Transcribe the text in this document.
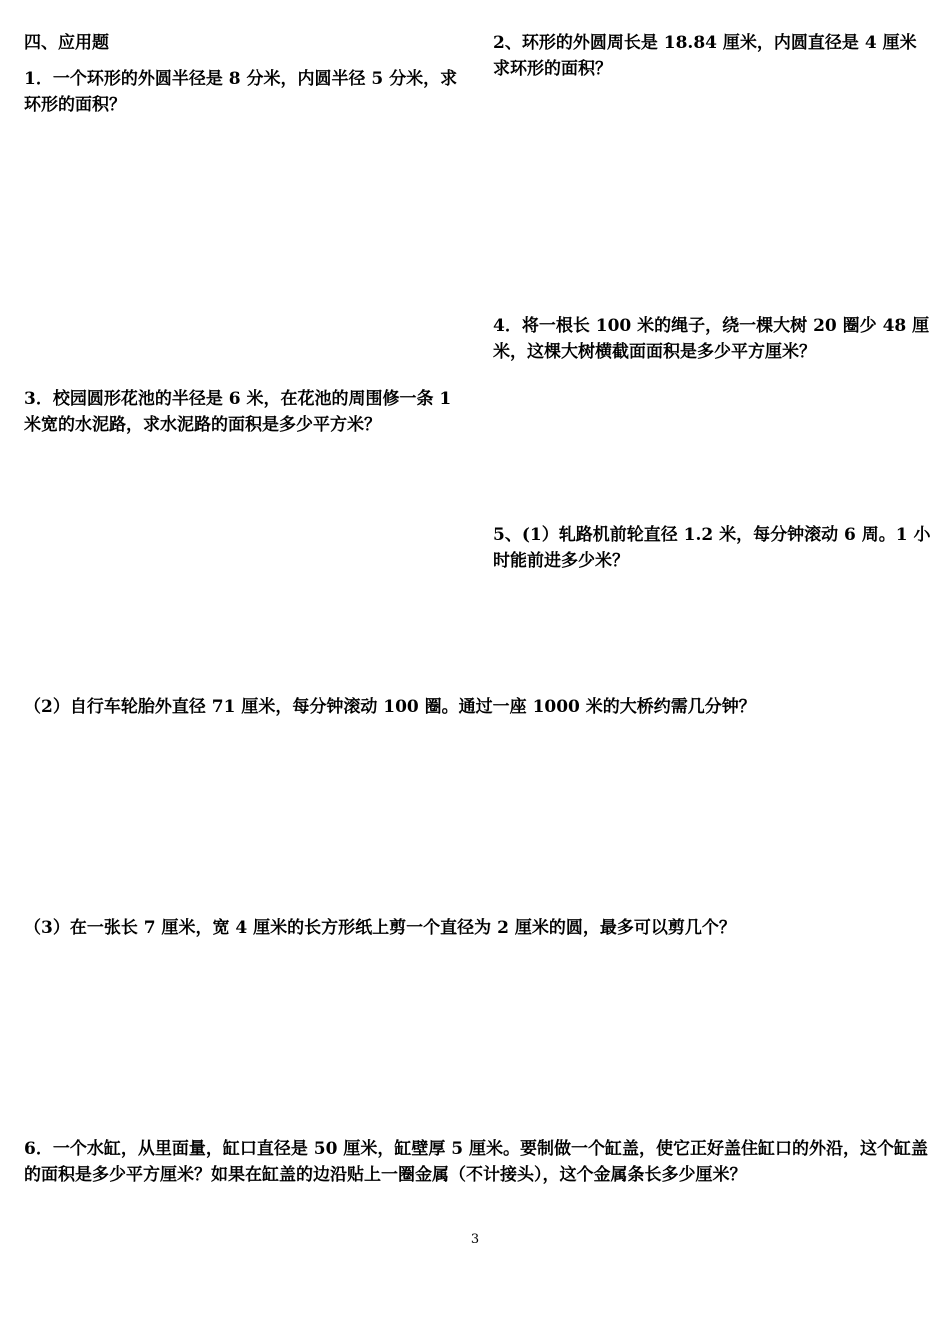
四、应用题

1．一个环形的外圆半径是 8 分米，内圆半径 5 分米，求环形的面积？

2、环形的外圆周长是 18.84 厘米，内圆直径是 4 厘米求环形的面积？

4．将一根长 100 米的绳子，绕一棵大树 20 圈少 48 厘米，这棵大树横截面面积是多少平方厘米？

3．校园圆形花池的半径是 6 米，在花池的周围修一条 1 米宽的水泥路，求水泥路的面积是多少平方米？

5、(1）轧路机前轮直径 1.2 米，每分钟滚动 6 周。1 小时能前进多少米？

（2）自行车轮胎外直径 71 厘米，每分钟滚动 100 圈。通过一座 1000 米的大桥约需几分钟？

（3）在一张长 7 厘米，宽 4 厘米的长方形纸上剪一个直径为 2 厘米的圆，最多可以剪几个？

6．一个水缸，从里面量，缸口直径是 50 厘米，缸壁厚 5 厘米。要制做一个缸盖，使它正好盖住缸口的外沿，这个缸盖的面积是多少平方厘米？如果在缸盖的边沿贴上一圈金属（不计接头），这个金属条长多少厘米？

3
